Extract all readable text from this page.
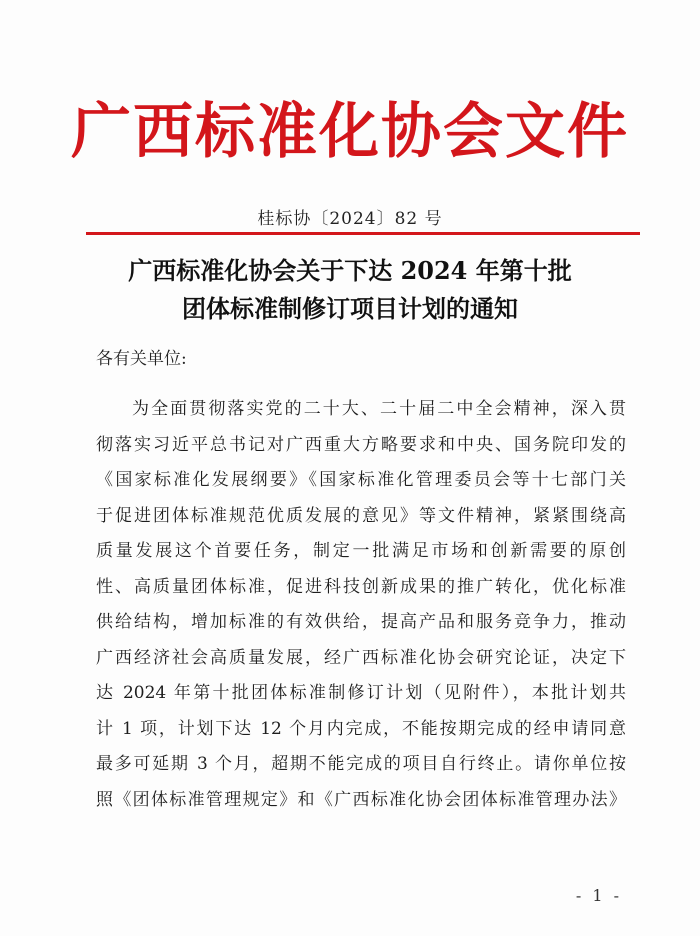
广西标准化协会文件
桂标协〔2024〕82 号
广西标准化协会关于下达 2024 年第十批
团体标准制修订项目计划的通知
各有关单位:
为全面贯彻落实党的二十大、二十届二中全会精神，深入贯
彻落实习近平总书记对广西重大方略要求和中央、国务院印发的
《国家标准化发展纲要》《国家标准化管理委员会等十七部门关
于促进团体标准规范优质发展的意见》等文件精神，紧紧围绕高
质量发展这个首要任务，制定一批满足市场和创新需要的原创
性、高质量团体标准，促进科技创新成果的推广转化，优化标准
供给结构，增加标准的有效供给，提高产品和服务竞争力，推动
广西经济社会高质量发展，经广西标准化协会研究论证，决定下
达 2024 年第十批团体标准制修订计划（见附件），本批计划共
计 1 项，计划下达 12 个月内完成，不能按期完成的经申请同意
最多可延期 3 个月，超期不能完成的项目自行终止。请你单位按
照《团体标准管理规定》和《广西标准化协会团体标准管理办法》
- 1 -
